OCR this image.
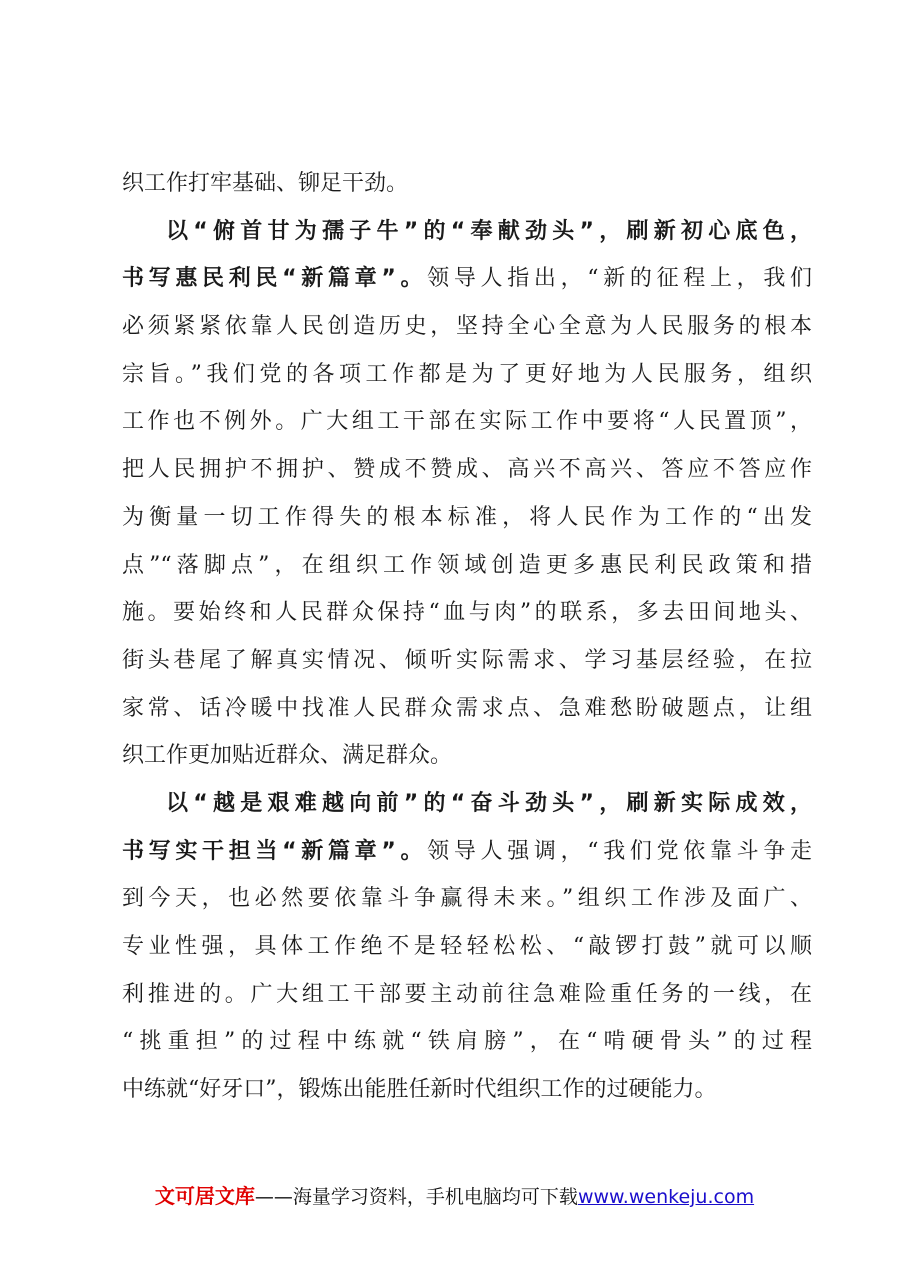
织工作打牢基础、铆足干劲。
以“俯首甘为孺子牛”的“奉献劲头”，刷新初心底色，
书写惠民利民“新篇章”。领导人指出，“新的征程上，我们
必须紧紧依靠人民创造历史，坚持全心全意为人民服务的根本
宗旨。”我们党的各项工作都是为了更好地为人民服务，组织
工作也不例外。广大组工干部在实际工作中要将“人民置顶”，
把人民拥护不拥护、赞成不赞成、高兴不高兴、答应不答应作
为衡量一切工作得失的根本标准，将人民作为工作的“出发
点”“落脚点”，在组织工作领域创造更多惠民利民政策和措
施。要始终和人民群众保持“血与肉”的联系，多去田间地头、
街头巷尾了解真实情况、倾听实际需求、学习基层经验，在拉
家常、话冷暖中找准人民群众需求点、急难愁盼破题点，让组
织工作更加贴近群众、满足群众。
以“越是艰难越向前”的“奋斗劲头”，刷新实际成效，
书写实干担当“新篇章”。领导人强调，“我们党依靠斗争走
到今天，也必然要依靠斗争赢得未来。”组织工作涉及面广、
专业性强，具体工作绝不是轻轻松松、“敲锣打鼓”就可以顺
利推进的。广大组工干部要主动前往急难险重任务的一线，在
“挑重担”的过程中练就“铁肩膀”，在“啃硬骨头”的过程
中练就“好牙口”，锻炼出能胜任新时代组织工作的过硬能力。
文可居文库——海量学习资料，手机电脑均可下载www.wenkeju.com
